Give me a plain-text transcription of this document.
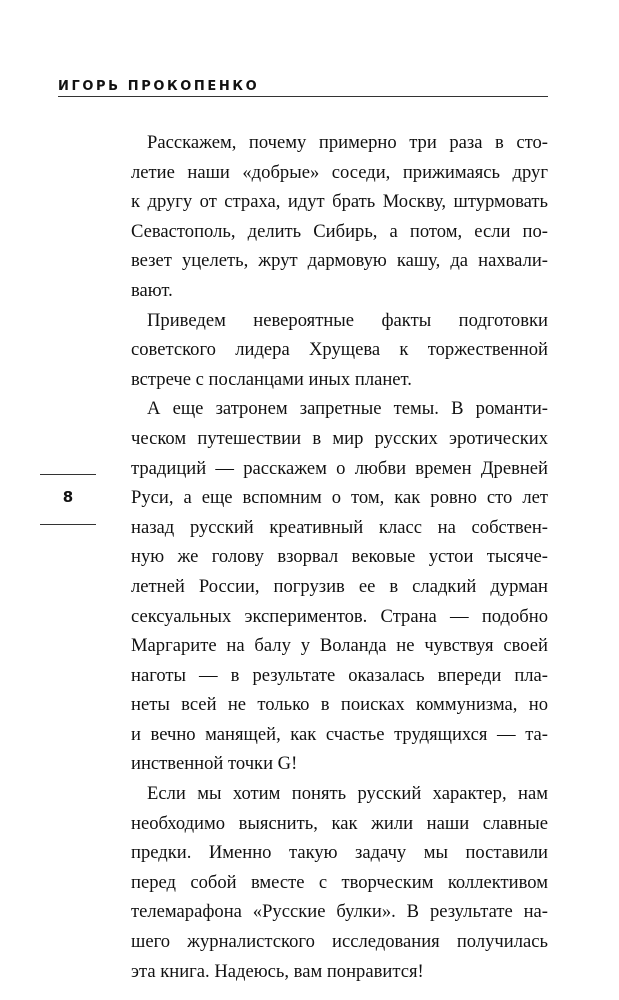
ИГОРЬ ПРОКОПЕНКО
8

Расскажем, почему примерно три раза в сто-
летие наши «добрые» соседи, прижимаясь друг
к другу от страха, идут брать Москву, штурмовать
Севастополь, делить Сибирь, а потом, если по-
везет уцелеть, жрут дармовую кашу, да нахвали-
вают.

Приведем невероятные факты подготовки
советского лидера Хрущева к торжественной
встрече с посланцами иных планет.

А еще затронем запретные темы. В романти-
ческом путешествии в мир русских эротических
традиций — расскажем о любви времен Древней
Руси, а еще вспомним о том, как ровно сто лет
назад русский креативный класс на собствен-
ную же голову взорвал вековые устои тысяче-
летней России, погрузив ее в сладкий дурман
сексуальных экспериментов. Страна — подобно
Маргарите на балу у Воланда не чувствуя своей
наготы — в результате оказалась впереди пла-
неты всей не только в поисках коммунизма, но
и вечно манящей, как счастье трудящихся — та-
инственной точки G!

Если мы хотим понять русский характер, нам
необходимо выяснить, как жили наши славные
предки. Именно такую задачу мы поставили
перед собой вместе с творческим коллективом
телемарафона «Русские булки». В результате на-
шего журналистского исследования получилась
эта книга. Надеюсь, вам понравится!
